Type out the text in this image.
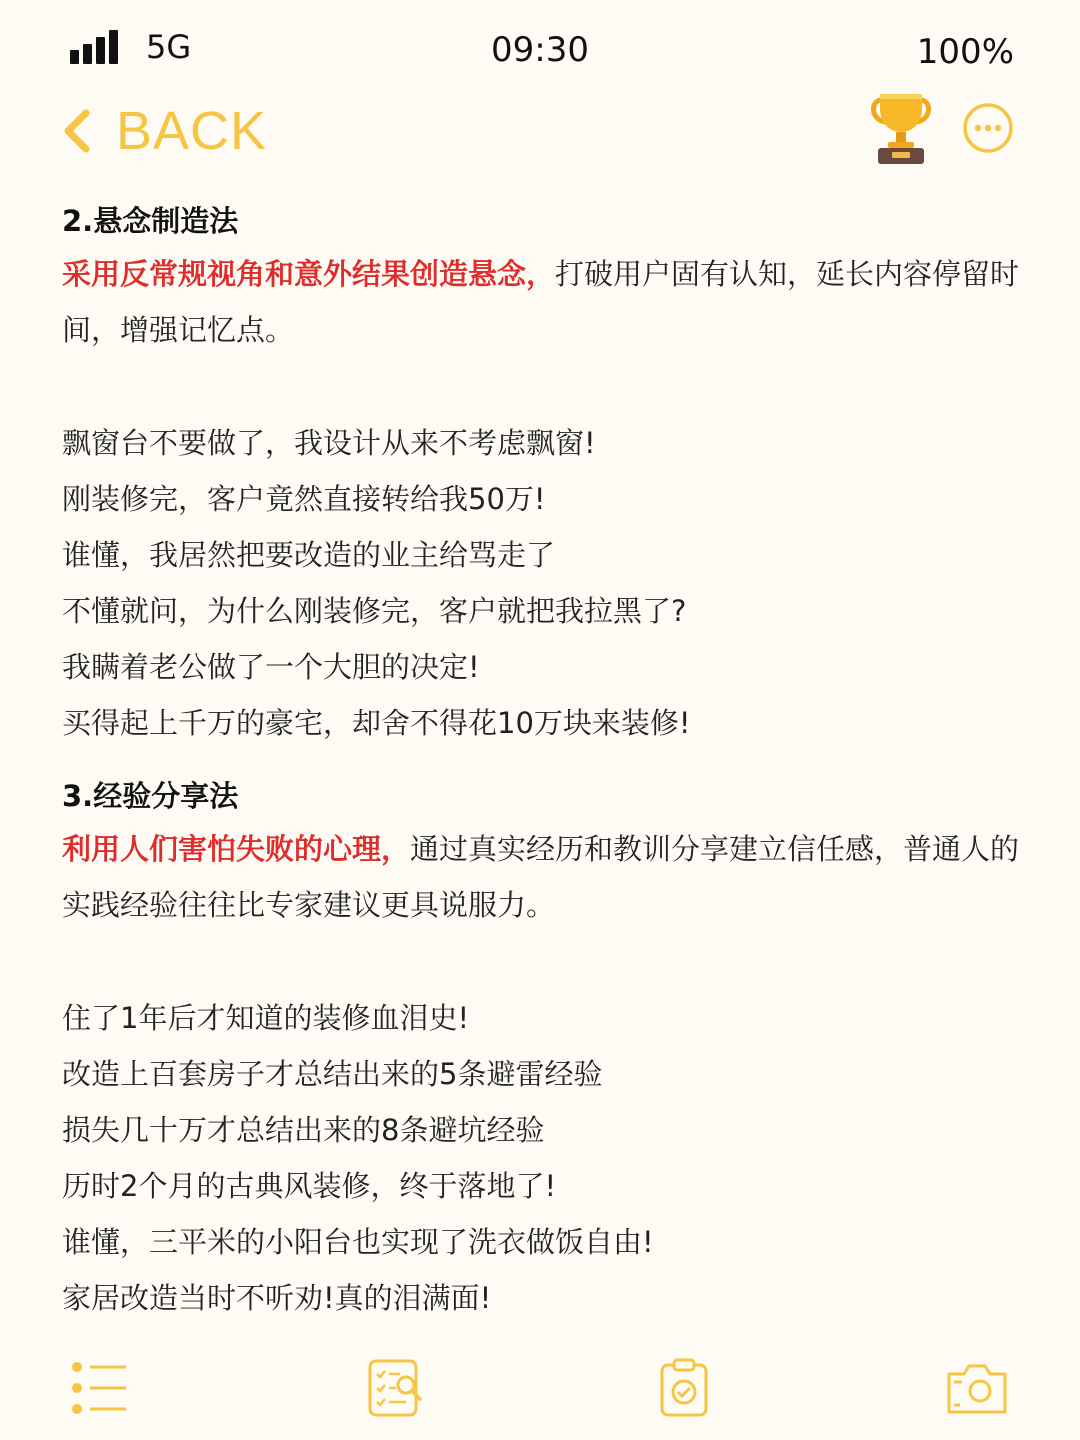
5G	09:30	100%
BACK
2.悬念制造法
采用反常规视角和意外结果创造悬念，打破用户固有认知，延长内容停留时间，增强记忆点。
飘窗台不要做了，我设计从来不考虑飘窗!
刚装修完，客户竟然直接转给我50万!
谁懂，我居然把要改造的业主给骂走了
不懂就问，为什么刚装修完，客户就把我拉黑了?
我瞒着老公做了一个大胆的决定!
买得起上千万的豪宅，却舍不得花10万块来装修!
3.经验分享法
利用人们害怕失败的心理，通过真实经历和教训分享建立信任感，普通人的实践经验往往比专家建议更具说服力。
住了1年后才知道的装修血泪史!
改造上百套房子才总结出来的5条避雷经验
损失几十万才总结出来的8条避坑经验
历时2个月的古典风装修，终于落地了!
谁懂，三平米的小阳台也实现了洗衣做饭自由!
家居改造当时不听劝!真的泪满面!
